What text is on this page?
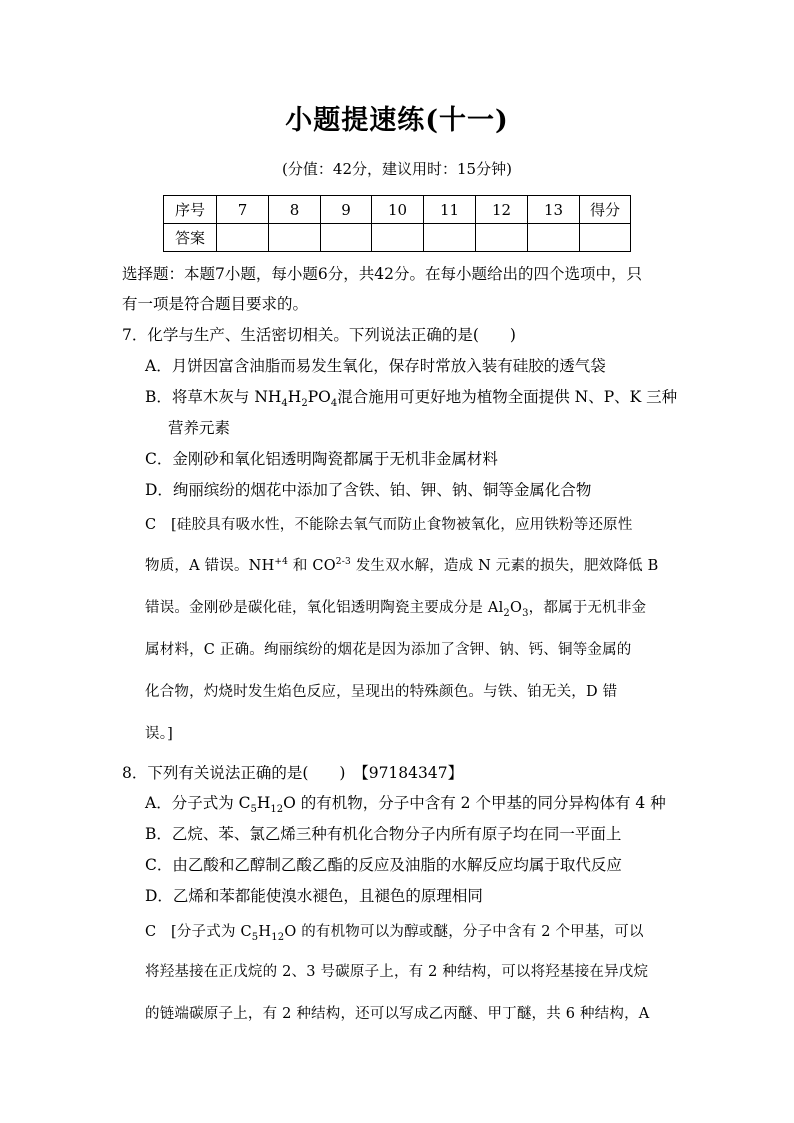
小题提速练(十一)
(分值：42分，建议用时：15分钟)
序号	7	8	9	10	11	12	13	得分
答案								
选择题：本题7小题，每小题6分，共42分。在每小题给出的四个选项中，只
有一项是符合题目要求的。
7．化学与生产、生活密切相关。下列说法正确的是(　　)
A．月饼因富含油脂而易发生氧化，保存时常放入装有硅胶的透气袋
B．将草木灰与 $NH_4H_2PO_4$混合施用可更好地为植物全面提供 N、P、K 三种
营养元素
C．金刚砂和氧化铝透明陶瓷都属于无机非金属材料
D．绚丽缤纷的烟花中添加了含铁、铂、钾、钠、铜等金属化合物
C　[硅胶具有吸水性，不能除去氧气而防止食物被氧化，应用铁粉等还原性
物质，A 错误。$NH^{+4}$ 和 CO$^{2-3}$ 发生双水解，造成 N 元素的损失，肥效降低 B
错误。金刚砂是碳化硅，氧化铝透明陶瓷主要成分是 $Al_2O_3$，都属于无机非金
属材料，C 正确。绚丽缤纷的烟花是因为添加了含钾、钠、钙、铜等金属的
化合物，灼烧时发生焰色反应，呈现出的特殊颜色。与铁、铂无关，D 错
误。]
8．下列有关说法正确的是(　　)　【97184347】
A．分子式为 $C_5H_{12}O$ 的有机物，分子中含有 2 个甲基的同分异构体有 4 种
B．乙烷、苯、氯乙烯三种有机化合物分子内所有原子均在同一平面上
C．由乙酸和乙醇制乙酸乙酯的反应及油脂的水解反应均属于取代反应
D．乙烯和苯都能使溴水褪色，且褪色的原理相同
C　[分子式为 $C_5H_{12}O$ 的有机物可以为醇或醚，分子中含有 2 个甲基，可以
将羟基接在正戊烷的 2、3 号碳原子上，有 2 种结构，可以将羟基接在异戊烷
的链端碳原子上，有 2 种结构，还可以写成乙丙醚、甲丁醚，共 6 种结构，A
